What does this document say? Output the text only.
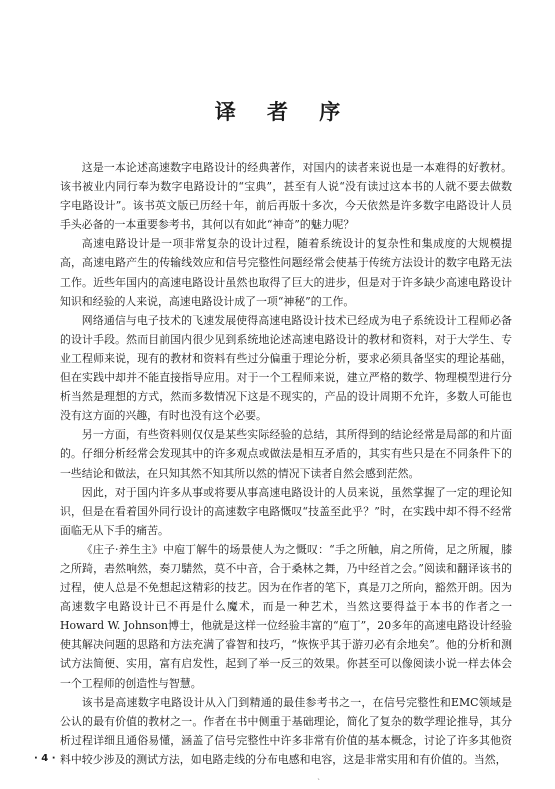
译 者 序

这是一本论述高速数字电路设计的经典著作，对国内的读者来说也是一本难得的好教材。该书被业内同行奉为数字电路设计的“宝典”，甚至有人说“没有读过这本书的人就不要去做数字电路设计”。该书英文版已历经十年，前后再版十多次，今天依然是许多数字电路设计人员手头必备的一本重要参考书，其何以有如此“神奇”的魅力呢？

高速电路设计是一项非常复杂的设计过程，随着系统设计的复杂性和集成度的大规模提高，高速电路产生的传输线效应和信号完整性问题经常会使基于传统方法设计的数字电路无法工作。近些年国内的高速电路设计虽然也取得了巨大的进步，但是对于许多缺少高速电路设计知识和经验的人来说，高速电路设计成了一项“神秘”的工作。

网络通信与电子技术的飞速发展使得高速电路设计技术已经成为电子系统设计工程师必备的设计手段。然而目前国内很少见到系统地论述高速电路设计的教材和资料，对于大学生、专业工程师来说，现有的教材和资料有些过分偏重于理论分析，要求必须具备坚实的理论基础，但在实践中却并不能直接指导应用。对于一个工程师来说，建立严格的数学、物理模型进行分析当然是理想的方式，然而多数情况下这是不现实的，产品的设计周期不允许，多数人可能也没有这方面的兴趣，有时也没有这个必要。

另一方面，有些资料则仅仅是某些实际经验的总结，其所得到的结论经常是局部的和片面的。仔细分析经常会发现其中的许多观点或做法是相互矛盾的，其实有些只是在不同条件下的一些结论和做法，在只知其然不知其所以然的情况下读者自然会感到茫然。

因此，对于国内许多从事或将要从事高速电路设计的人员来说，虽然掌握了一定的理论知识，但是在看着国外同行设计的高速数字电路慨叹“技盖至此乎？”时，在实践中却不得不经常面临无从下手的痛苦。

《庄子·养生主》中庖丁解牛的场景使人为之慨叹：“手之所触，肩之所倚，足之所履，膝之所踦，砉然响然，奏刀騞然，莫不中音，合于桑林之舞，乃中经首之会。”阅读和翻译该书的过程，使人总是不免想起这精彩的技艺。因为在作者的笔下，真是刀之所向，豁然开朗。因为高速数字电路设计已不再是什么魔术，而是一种艺术，当然这要得益于本书的作者之一Howard W. Johnson博士，他就是这样一位经验丰富的“庖丁”，20多年的高速电路设计经验使其解决问题的思路和方法充满了睿智和技巧，“恢恢乎其于游刃必有余地矣”。他的分析和测试方法简便、实用，富有启发性，起到了举一反三的效果。你甚至可以像阅读小说一样去体会一个工程师的创造性与智慧。

该书是高速数字电路设计从入门到精通的最佳参考书之一，在信号完整性和EMC领域是公认的最有价值的教材之一。作者在书中侧重于基础理论，简化了复杂的数学理论推导，其分析过程详细且通俗易懂，涵盖了信号完整性中许多非常有价值的基本概念，讨论了许多其他资料中较少涉及的测试方法，如电路走线的分布电感和电容，这是非常实用和有价值的。当然，

· 4 ·
`
